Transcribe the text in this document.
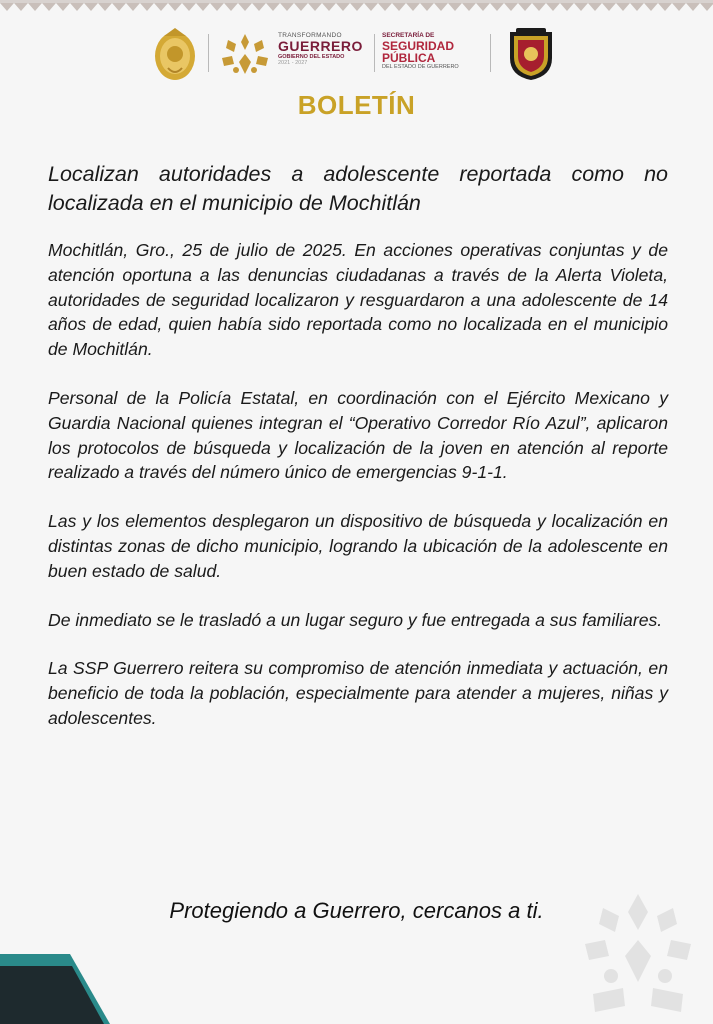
TRANSFORMANDO
GUERRERO
GOBIERNO DEL ESTADO
2021 - 2027
SECRETARÍA DE
SEGURIDAD
PÚBLICA
DEL ESTADO DE GUERRERO
BOLETÍN
Localizan autoridades a adolescente reportada como no localizada en el municipio de Mochitlán

Mochitlán, Gro., 25 de julio de 2025. En acciones operativas conjuntas y de atención oportuna a las denuncias ciudadanas a través de la Alerta Violeta, autoridades de seguridad localizaron y resguardaron a una adolescente de 14 años de edad, quien había sido reportada como no localizada en el municipio de Mochitlán.

Personal de la Policía Estatal, en coordinación con el Ejército Mexicano y Guardia Nacional quienes integran el “Operativo Corredor Río Azul”, aplicaron los protocolos de búsqueda y localización de la joven en atención al reporte realizado a través del número único de emergencias 9-1-1.

Las y los elementos desplegaron un dispositivo de búsqueda y localización en distintas zonas de dicho municipio, logrando la ubicación de la adolescente en buen estado de salud.

De inmediato se le trasladó a un lugar seguro y fue entregada a sus familiares.

La SSP Guerrero reitera su compromiso de atención inmediata y actuación, en beneficio de toda la población, especialmente para atender a mujeres, niñas y adolescentes.

Protegiendo a Guerrero, cercanos a ti.
